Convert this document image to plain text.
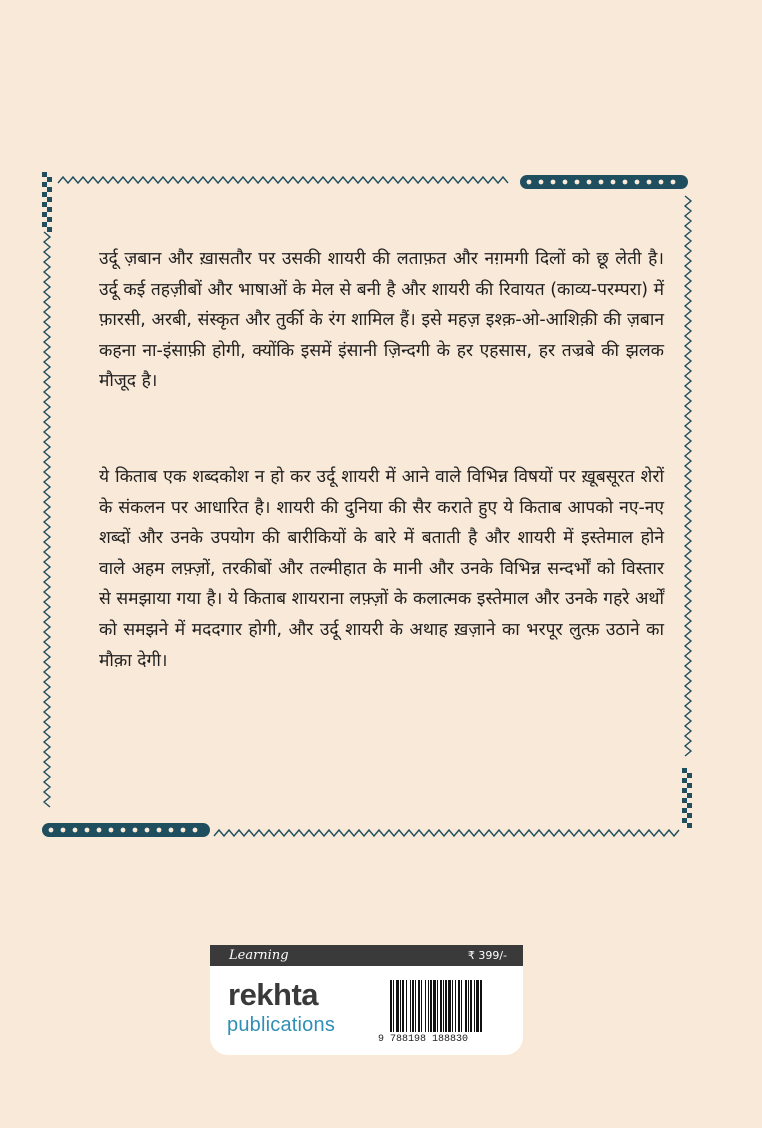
उर्दू ज़बान और ख़ासतौर पर उसकी शायरी की लताफ़त और नग़मगी दिलों को छू लेती है। उर्दू कई तहज़ीबों और भाषाओं के मेल से बनी है और शायरी की रिवायत (काव्य-परम्परा) में फ़ारसी, अरबी, संस्कृत और तुर्की के रंग शामिल हैं। इसे महज़ इश्क़-ओ-आशिक़ी की ज़बान कहना ना-इंसाफ़ी होगी, क्योंकि इसमें इंसानी ज़िन्दगी के हर एहसास, हर तज्रबे की झलक मौजूद है।

ये किताब एक शब्दकोश न हो कर उर्दू शायरी में आने वाले विभिन्न विषयों पर ख़ूबसूरत शेरों के संकलन पर आधारित है। शायरी की दुनिया की सैर कराते हुए ये किताब आपको नए-नए शब्दों और उनके उपयोग की बारीकियों के बारे में बताती है और शायरी में इस्तेमाल होने वाले अहम लफ़्ज़ों, तरकीबों और तल्मीहात के मानी और उनके विभिन्न सन्दर्भों को विस्तार से समझाया गया है। ये किताब शायराना लफ़्ज़ों के कलात्मक इस्तेमाल और उनके गहरे अर्थों को समझने में मददगार होगी, और उर्दू शायरी के अथाह ख़ज़ाने का भरपूर लुत्फ़ उठाने का मौक़ा देगी।

Learning	₹ 399/-
rekhta
publications
9 788198 188830
